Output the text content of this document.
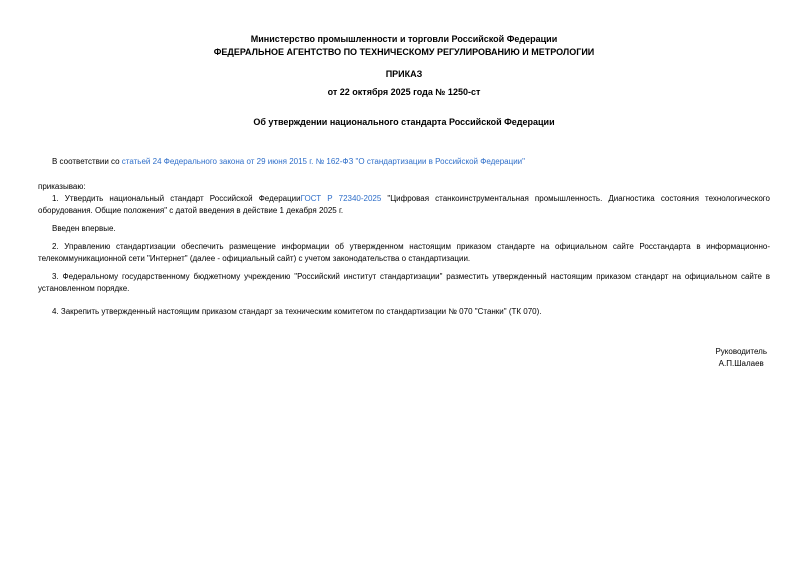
Министерство промышленности и торговли Российской Федерации
ФЕДЕРАЛЬНОЕ АГЕНТСТВО ПО ТЕХНИЧЕСКОМУ РЕГУЛИРОВАНИЮ И МЕТРОЛОГИИ
ПРИКАЗ
от 22 октября 2025 года № 1250-ст
Об утверждении национального стандарта Российской Федерации

В соответствии со статьей 24 Федерального закона от 29 июня 2015 г. № 162-ФЗ "О стандартизации в Российской Федерации"

приказываю:

1. Утвердить национальный стандарт Российской ФедерацииГОСТ Р 72340-2025 "Цифровая станкоинструментальная промышленность. Диагностика состояния технологического оборудования. Общие положения" с датой введения в действие 1 декабря 2025 г.

Введен впервые.

2. Управлению стандартизации обеспечить размещение информации об утвержденном настоящим приказом стандарте на официальном сайте Росстандарта в информационно-телекоммуникационной сети "Интернет" (далее - официальный сайт) с учетом законодательства о стандартизации.

3. Федеральному государственному бюджетному учреждению "Российский институт стандартизации" разместить утвержденный настоящим приказом стандарт на официальном сайте в установленном порядке.

4. Закрепить утвержденный настоящим приказом стандарт за техническим комитетом по стандартизации № 070 "Станки" (ТК 070).

Руководитель
А.П.Шалаев
